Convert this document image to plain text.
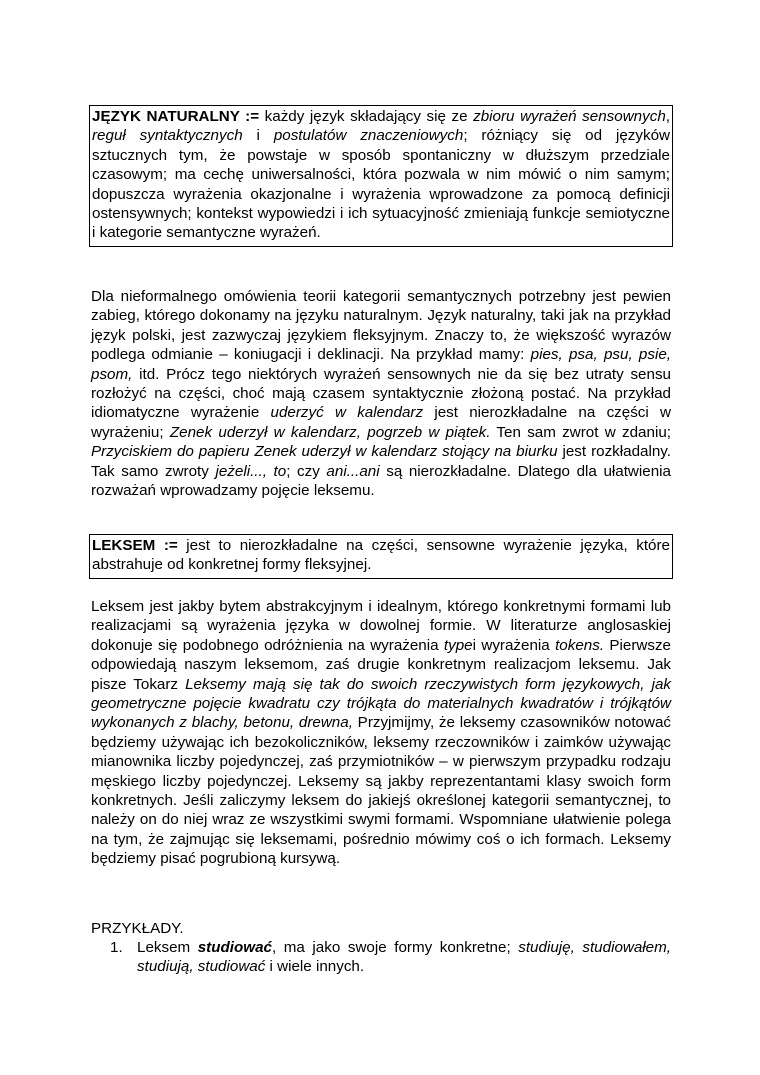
JĘZYK NATURALNY := każdy język składający się ze zbioru wyrażeń sensownych, reguł syntaktycznych i postulatów znaczeniowych; różniący się od języków sztucznych tym, że powstaje w sposób spontaniczny w dłuższym przedziale czasowym; ma cechę uniwersalności, która pozwala w nim mówić o nim samym; dopuszcza wyrażenia okazjonalne i wyrażenia wprowadzone za pomocą definicji ostensywnych; kontekst wypowiedzi i ich sytuacyjność zmieniają funkcje semiotyczne i kategorie semantyczne wyrażeń.
Dla nieformalnego omówienia teorii kategorii semantycznych potrzebny jest pewien zabieg, którego dokonamy na języku naturalnym. Język naturalny, taki jak na przykład język polski, jest zazwyczaj językiem fleksyjnym. Znaczy to, że większość wyrazów podlega odmianie – koniugacji i deklinacji. Na przykład mamy: pies, psa, psu, psie, psom, itd. Prócz tego niektórych wyrażeń sensownych nie da się bez utraty sensu rozłożyć na części, choć mają czasem syntaktycznie złożoną postać. Na przykład idiomatyczne wyrażenie uderzyć w kalendarz jest nierozkładalne na części w wyrażeniu; Zenek uderzył w kalendarz, pogrzeb w piątek. Ten sam zwrot w zdaniu; Przyciskiem do papieru Zenek uderzył w kalendarz stojący na biurku jest rozkładalny. Tak samo zwroty jeżeli..., to; czy ani...ani są nierozkładalne. Dlatego dla ułatwienia rozważań wprowadzamy pojęcie leksemu.
LEKSEM := jest to nierozkładalne na części, sensowne wyrażenie języka, które abstrahuje od konkretnej formy fleksyjnej.
Leksem jest jakby bytem abstrakcyjnym i idealnym, którego konkretnymi formami lub realizacjami są wyrażenia języka w dowolnej formie. W literaturze anglosaskiej dokonuje się podobnego odróżnienia na wyrażenia typei wyrażenia tokens. Pierwsze odpowiedają naszym leksemom, zaś drugie konkretnym realizacjom leksemu. Jak pisze Tokarz Leksemy mają się tak do swoich rzeczywistych form językowych, jak geometryczne pojęcie kwadratu czy trójkąta do materialnych kwadratów i trójkątów wykonanych z blachy, betonu, drewna, Przyjmijmy, że leksemy czasowników notować będziemy używając ich bezokoliczników, leksemy rzeczowników i zaimków używając mianownika liczby pojedynczej, zaś przymiotników – w pierwszym przypadku rodzaju męskiego liczby pojedynczej. Leksemy są jakby reprezentantami klasy swoich form konkretnych. Jeśli zaliczymy leksem do jakiejś określonej kategorii semantycznej, to należy on do niej wraz ze wszystkimi swymi formami. Wspomniane ułatwienie polega na tym, że zajmując się leksemami, pośrednio mówimy coś o ich formach. Leksemy będziemy pisać pogrubioną kursywą.
PRZYKŁADY.
1. Leksem studiować, ma jako swoje formy konkretne; studiuję, studiowałem, studiują, studiować i wiele innych.
